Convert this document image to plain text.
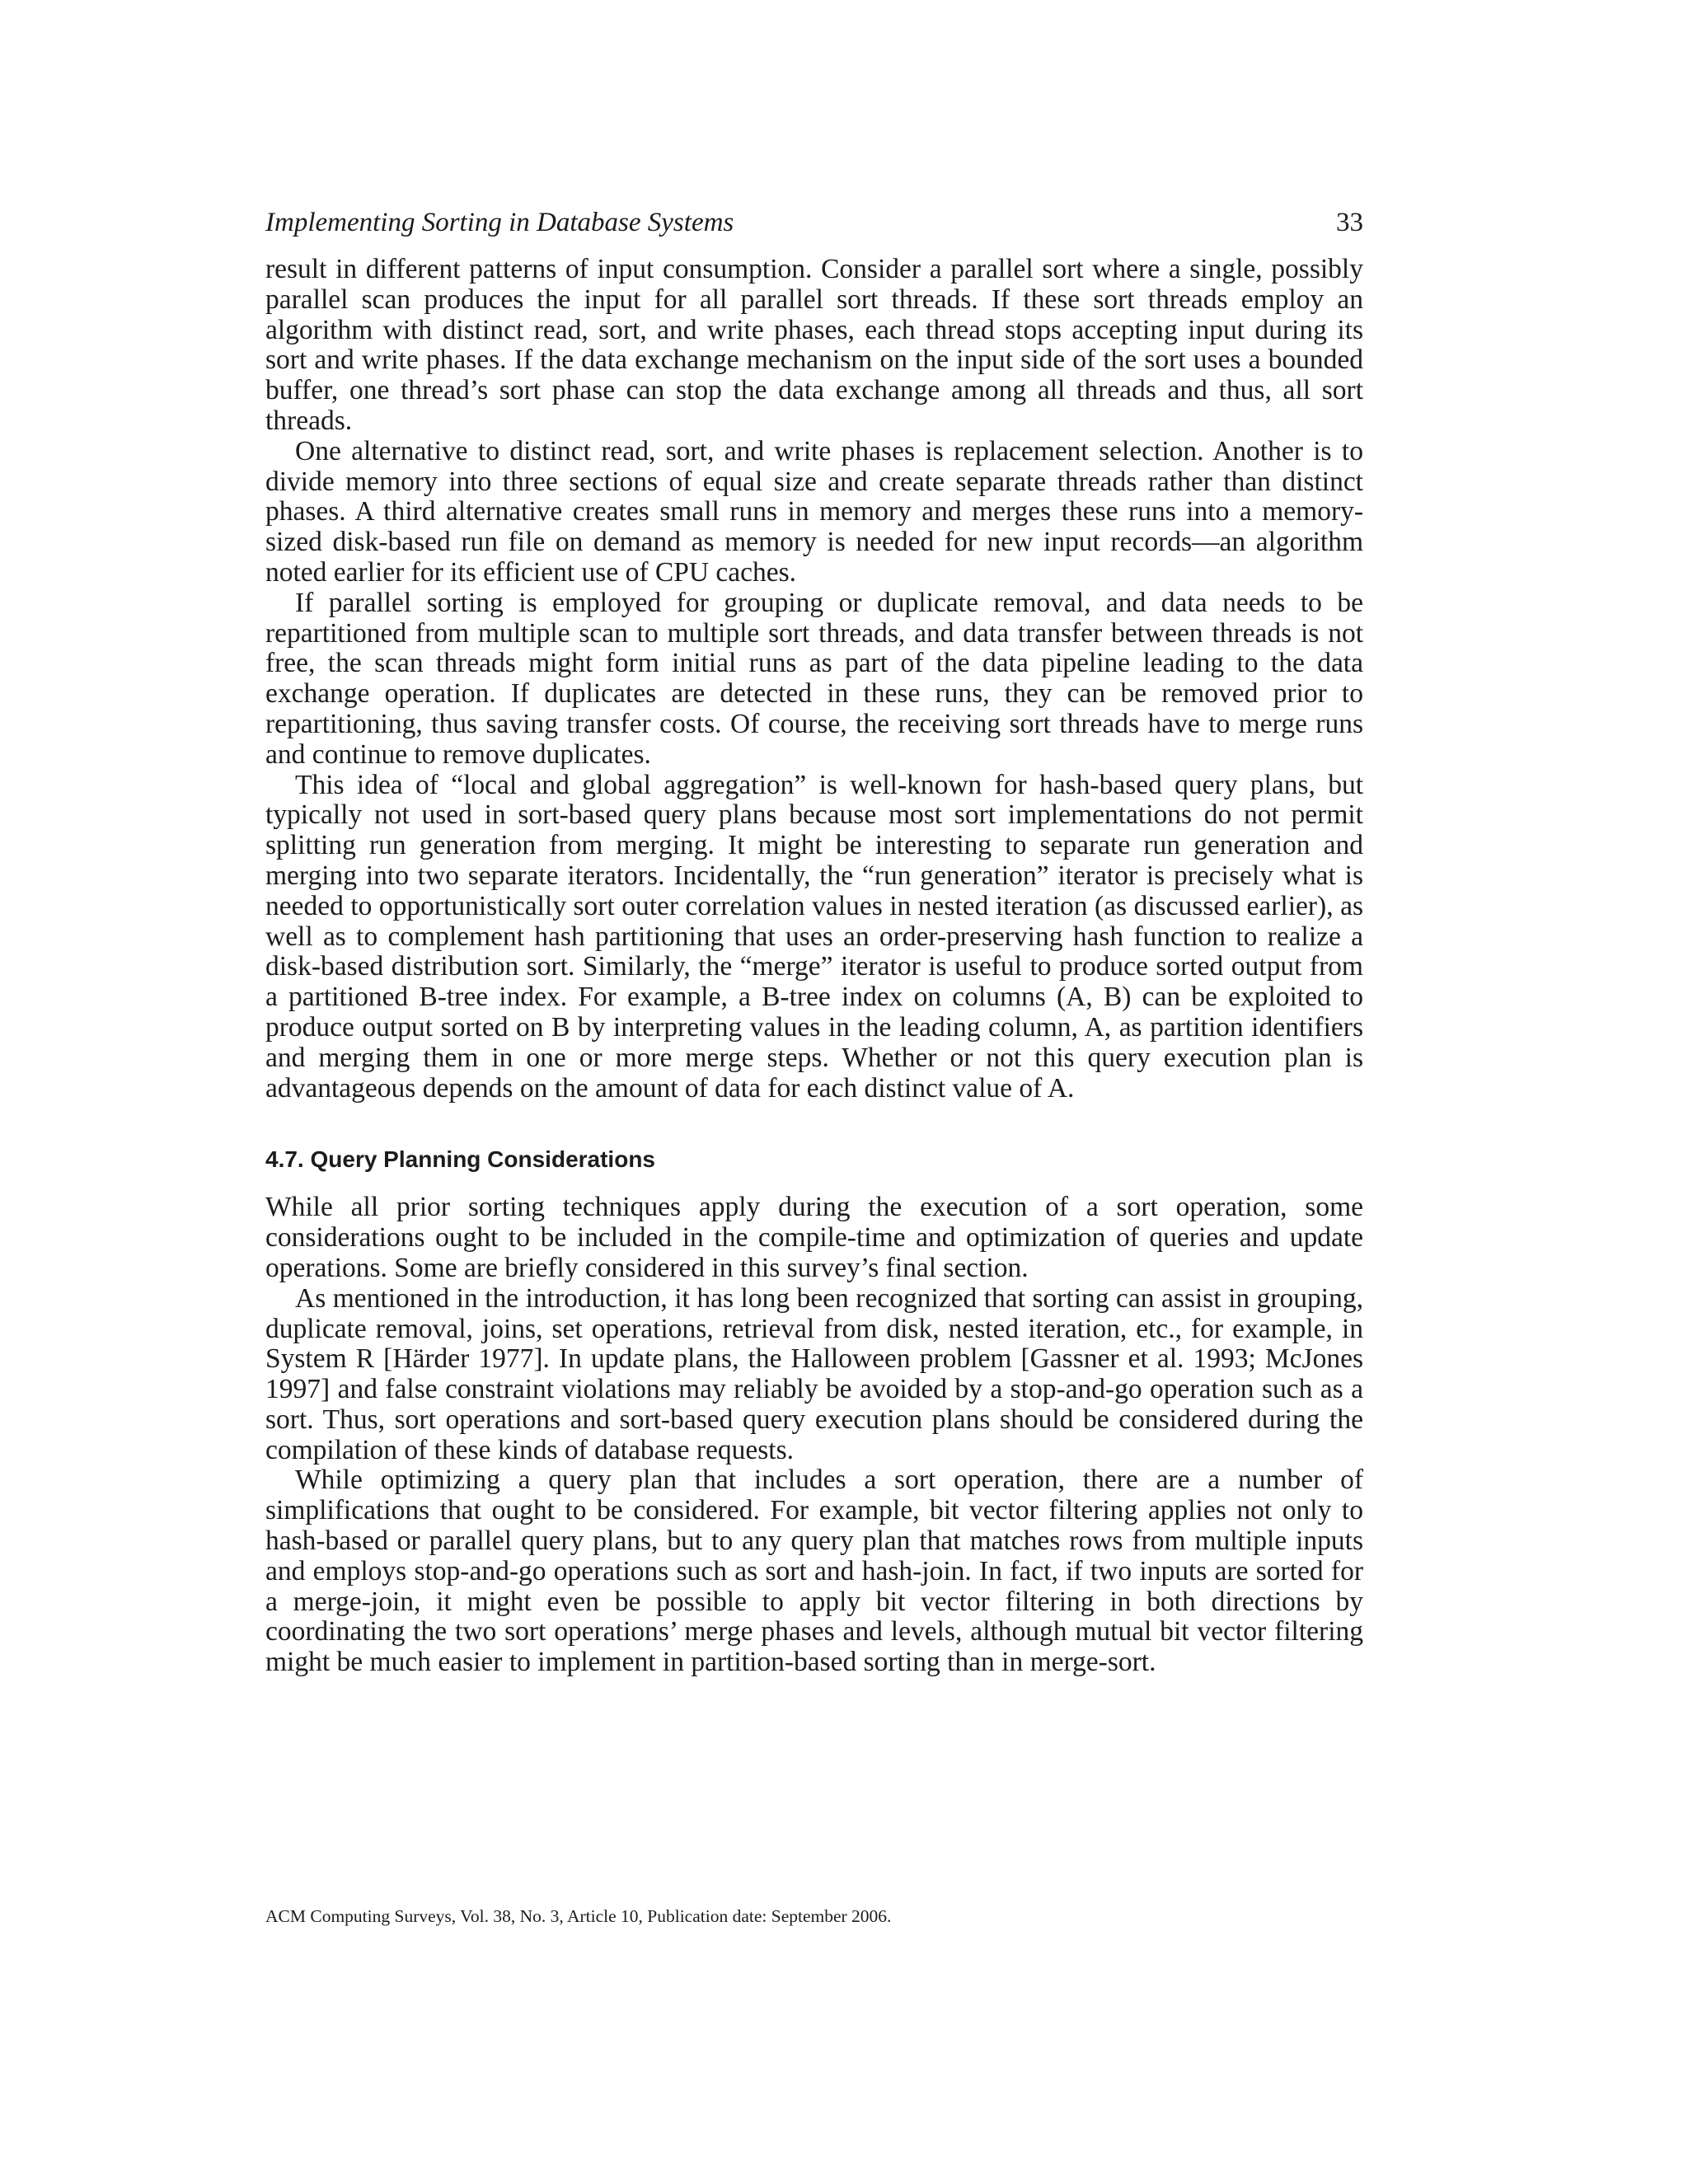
Implementing Sorting in Database Systems	33

result in different patterns of input consumption. Consider a parallel sort where a single, possibly parallel scan produces the input for all parallel sort threads. If these sort threads employ an algorithm with distinct read, sort, and write phases, each thread stops accepting input during its sort and write phases. If the data exchange mechanism on the input side of the sort uses a bounded buffer, one thread’s sort phase can stop the data exchange among all threads and thus, all sort threads.

One alternative to distinct read, sort, and write phases is replacement selection. Another is to divide memory into three sections of equal size and create separate threads rather than distinct phases. A third alternative creates small runs in memory and merges these runs into a memory-sized disk-based run file on demand as memory is needed for new input records—an algorithm noted earlier for its efficient use of CPU caches.

If parallel sorting is employed for grouping or duplicate removal, and data needs to be repartitioned from multiple scan to multiple sort threads, and data transfer between threads is not free, the scan threads might form initial runs as part of the data pipeline leading to the data exchange operation. If duplicates are detected in these runs, they can be removed prior to repartitioning, thus saving transfer costs. Of course, the receiving sort threads have to merge runs and continue to remove duplicates.

This idea of “local and global aggregation” is well-known for hash-based query plans, but typically not used in sort-based query plans because most sort implementations do not permit splitting run generation from merging. It might be interesting to separate run generation and merging into two separate iterators. Incidentally, the “run generation” iterator is precisely what is needed to opportunistically sort outer correlation values in nested iteration (as discussed earlier), as well as to complement hash partitioning that uses an order-preserving hash function to realize a disk-based distribution sort. Similarly, the “merge” iterator is useful to produce sorted output from a partitioned B-tree index. For example, a B-tree index on columns (A, B) can be exploited to produce output sorted on B by interpreting values in the leading column, A, as partition identifiers and merging them in one or more merge steps. Whether or not this query execution plan is advantageous depends on the amount of data for each distinct value of A.

4.7. Query Planning Considerations

While all prior sorting techniques apply during the execution of a sort operation, some considerations ought to be included in the compile-time and optimization of queries and update operations. Some are briefly considered in this survey’s final section.

As mentioned in the introduction, it has long been recognized that sorting can assist in grouping, duplicate removal, joins, set operations, retrieval from disk, nested iteration, etc., for example, in System R [Härder 1977]. In update plans, the Halloween problem [Gassner et al. 1993; McJones 1997] and false constraint violations may reliably be avoided by a stop-and-go operation such as a sort. Thus, sort operations and sort-based query execution plans should be considered during the compilation of these kinds of database requests.

While optimizing a query plan that includes a sort operation, there are a number of simplifications that ought to be considered. For example, bit vector filtering applies not only to hash-based or parallel query plans, but to any query plan that matches rows from multiple inputs and employs stop-and-go operations such as sort and hash-join. In fact, if two inputs are sorted for a merge-join, it might even be possible to apply bit vector filtering in both directions by coordinating the two sort operations’ merge phases and levels, although mutual bit vector filtering might be much easier to implement in partition-based sorting than in merge-sort.

ACM Computing Surveys, Vol. 38, No. 3, Article 10, Publication date: September 2006.
